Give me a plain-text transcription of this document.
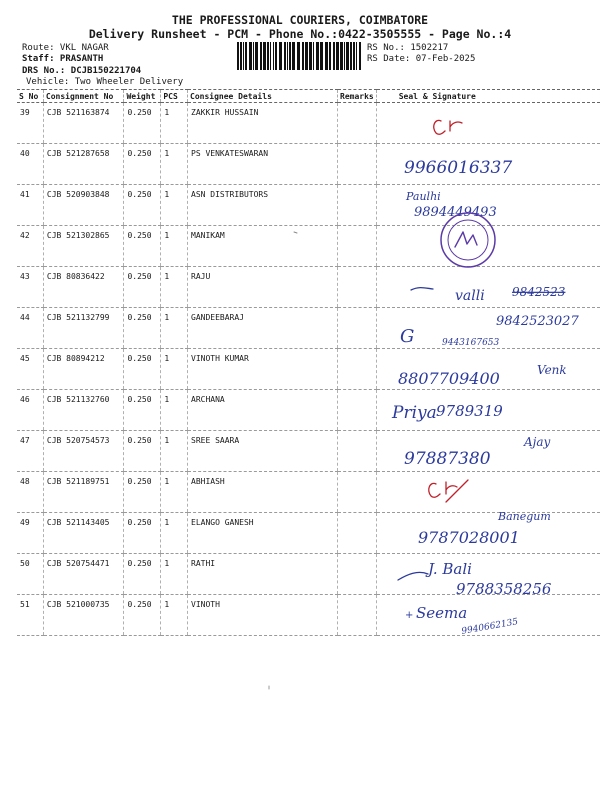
THE PROFESSIONAL COURIERS, COIMBATORE
Delivery Runsheet - PCM - Phone No.:0422-3505555 - Page No.:4
Route: VKL NAGAR
Staff: PRASANTH
DRS No.: DCJB150221704
Vehicle: Two Wheeler Delivery
RS No.: 1502217
RS Date: 07-Feb-2025
S No	Consignment No	Weight	PCS	Consignee Details	Remarks	Seal & Signature
39	CJB 521163874	0.250	1	ZAKKIR HUSSAIN		
40	CJB 521287658	0.250	1	PS VENKATESWARAN		
41	CJB 520903848	0.250	1	ASN DISTRIBUTORS		
42	CJB 521302865	0.250	1	MANIKAM		
43	CJB 80836422	0.250	1	RAJU		
44	CJB 521132799	0.250	1	GANDEEBARAJ		
45	CJB 80894212	0.250	1	VINOTH KUMAR		
46	CJB 521132760	0.250	1	ARCHANA		
47	CJB 520754573	0.250	1	SREE SAARA		
48	CJB 521189751	0.250	1	ABHIASH		
49	CJB 521143405	0.250	1	ELANGO GANESH		
50	CJB 520754471	0.250	1	RATHI		
51	CJB 521000735	0.250	1	VINOTH		
9966016337
Paulhi
9894449493
valli 9842523
G
9842523027
9443167653
8807709400	Venk
Priya 9789319
Ajay
97887380
Banegum
9787028001
J. Bali
9788358256
+ Seema
9940662135
